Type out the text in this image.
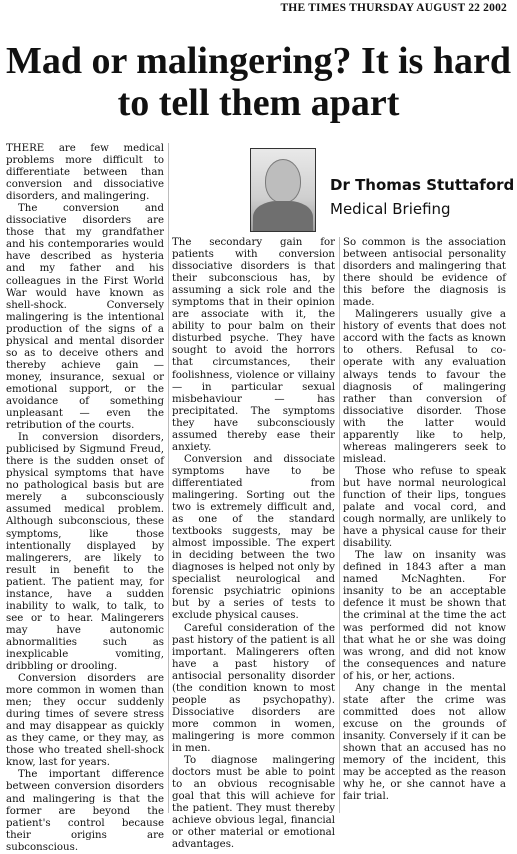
THE TIMES THURSDAY AUGUST 22 2002
Mad or malingering? It is hard to tell them apart
Dr Thomas Stuttaford
Medical Briefing

THERE are few medical problems more difficult to differentiate between than conversion and dissociative disorders, and malingering.

The conversion and dissociative disorders are those that my grandfather and his contemporaries would have described as hysteria and my father and his colleagues in the First World War would have known as shell-shock. Conversely malingering is the intentional production of the signs of a physical and mental disorder so as to deceive others and thereby achieve gain — money, insurance, sexual or emotional support, or the avoidance of something unpleasant — even the retribution of the courts.

In conversion disorders, publicised by Sigmund Freud, there is the sudden onset of physical symptoms that have no pathological basis but are merely a subconsciously assumed medical problem. Although subconscious, these symptoms, like those intentionally displayed by malingerers, are likely to result in benefit to the patient. The patient may, for instance, have a sudden inability to walk, to talk, to see or to hear. Malingerers may have autonomic abnormalities such as inexplicable vomiting, dribbling or drooling.

Conversion disorders are more common in women than men; they occur suddenly during times of severe stress and may disappear as quickly as they came, or they may, as those who treated shell-shock know, last for years.

The important difference between conversion disorders and malingering is that the former are beyond the patient's control because their origins are subconscious.

The secondary gain for patients with conversion dissociative disorders is that their subconscious has, by assuming a sick role and the symptoms that in their opinion are associate with it, the ability to pour balm on their disturbed psyche. They have sought to avoid the horrors that circumstances, their foolishness, violence or villainy — in particular sexual misbehaviour — has precipitated. The symptoms they have subconsciously assumed thereby ease their anxiety.

Conversion and dissociate symptoms have to be differentiated from malingering. Sorting out the two is extremely difficult and, as one of the standard textbooks suggests, may be almost impossible. The expert in deciding between the two diagnoses is helped not only by specialist neurological and forensic psychiatric opinions but by a series of tests to exclude physical causes.

Careful consideration of the past history of the patient is all important. Malingerers often have a past history of antisocial personality disorder (the condition known to most people as psychopathy). Dissociative disorders are more common in women, malingering is more common in men.

To diagnose malingering doctors must be able to point to an obvious recognisable goal that this will achieve for the patient. They must thereby achieve obvious legal, financial or other material or emotional advantages.

So common is the association between antisocial personality disorders and malingering that there should be evidence of this before the diagnosis is made.

Malingerers usually give a history of events that does not accord with the facts as known to others. Refusal to co-operate with any evaluation always tends to favour the diagnosis of malingering rather than conversion of dissociative disorder. Those with the latter would apparently like to help, whereas malingerers seek to mislead.

Those who refuse to speak but have normal neurological function of their lips, tongues palate and vocal cord, and cough normally, are unlikely to have a physical cause for their disability.

The law on insanity was defined in 1843 after a man named McNaghten. For insanity to be an acceptable defence it must be shown that the criminal at the time the act was performed did not know that what he or she was doing was wrong, and did not know the consequences and nature of his, or her, actions.

Any change in the mental state after the crime was committed does not allow excuse on the grounds of insanity. Conversely if it can be shown that an accused has no memory of the incident, this may be accepted as the reason why he, or she cannot have a fair trial.
